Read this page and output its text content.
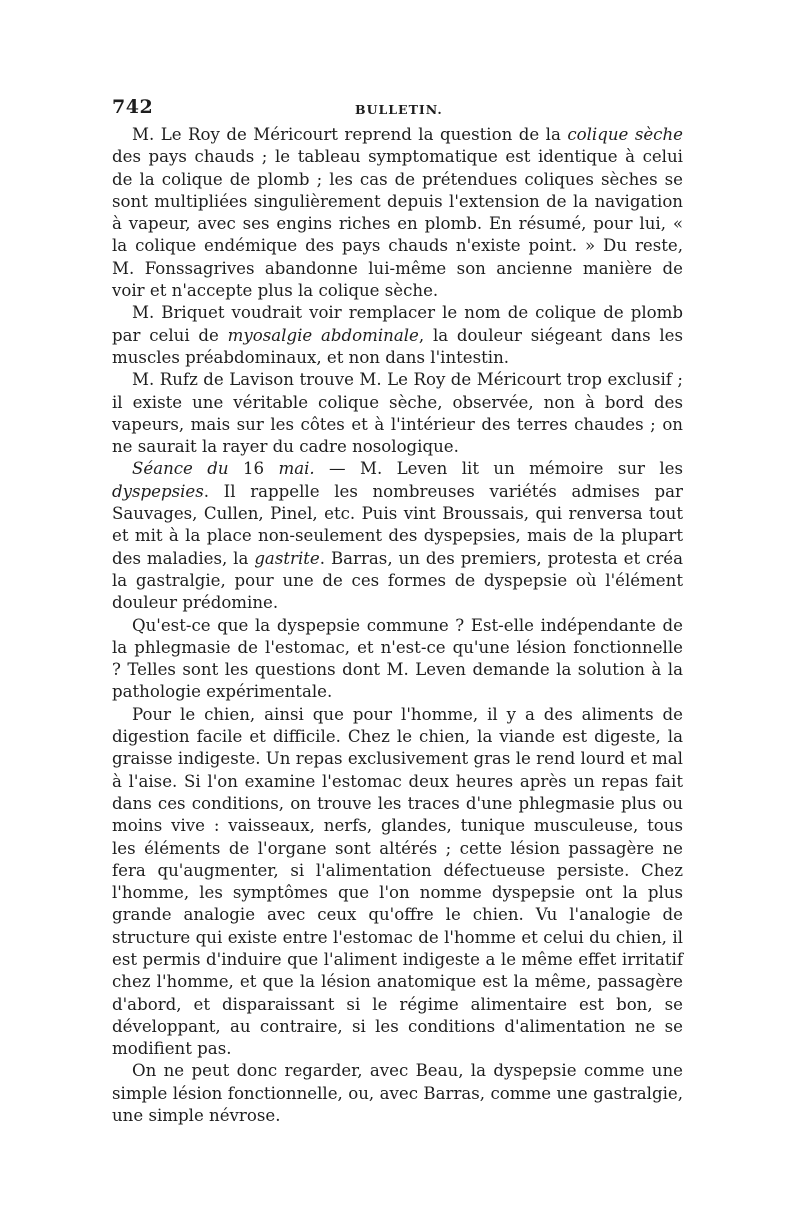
742	BULLETIN.

M. Le Roy de Méricourt reprend la question de la colique sèche des pays chauds ; le tableau symptomatique est identique à celui de la colique de plomb ; les cas de prétendues coliques sèches se sont multipliées singulièrement depuis l'extension de la navigation à vapeur, avec ses engins riches en plomb. En résumé, pour lui, « la colique endémique des pays chauds n'existe point. » Du reste, M. Fonssagrives abandonne lui-même son ancienne manière de voir et n'accepte plus la colique sèche.

M. Briquet voudrait voir remplacer le nom de colique de plomb par celui de myosalgie abdominale, la douleur siégeant dans les muscles préabdominaux, et non dans l'intestin.

M. Rufz de Lavison trouve M. Le Roy de Méricourt trop exclusif ; il existe une véritable colique sèche, observée, non à bord des vapeurs, mais sur les côtes et à l'intérieur des terres chaudes ; on ne saurait la rayer du cadre nosologique.

Séance du 16 mai. — M. Leven lit un mémoire sur les dyspepsies. Il rappelle les nombreuses variétés admises par Sauvages, Cullen, Pinel, etc. Puis vint Broussais, qui renversa tout et mit à la place non-seulement des dyspepsies, mais de la plupart des maladies, la gastrite. Barras, un des premiers, protesta et créa la gastralgie, pour une de ces formes de dyspepsie où l'élément douleur prédomine.

Qu'est-ce que la dyspepsie commune ? Est-elle indépendante de la phlegmasie de l'estomac, et n'est-ce qu'une lésion fonctionnelle ? Telles sont les questions dont M. Leven demande la solution à la pathologie expérimentale.

Pour le chien, ainsi que pour l'homme, il y a des aliments de digestion facile et difficile. Chez le chien, la viande est digeste, la graisse indigeste. Un repas exclusivement gras le rend lourd et mal à l'aise. Si l'on examine l'estomac deux heures après un repas fait dans ces conditions, on trouve les traces d'une phlegmasie plus ou moins vive : vaisseaux, nerfs, glandes, tunique musculeuse, tous les éléments de l'organe sont altérés ; cette lésion passagère ne fera qu'augmenter, si l'alimentation défectueuse persiste. Chez l'homme, les symptômes que l'on nomme dyspepsie ont la plus grande analogie avec ceux qu'offre le chien. Vu l'analogie de structure qui existe entre l'estomac de l'homme et celui du chien, il est permis d'induire que l'aliment indigeste a le même effet irritatif chez l'homme, et que la lésion anatomique est la même, passagère d'abord, et disparaissant si le régime alimentaire est bon, se développant, au contraire, si les conditions d'alimentation ne se modifient pas.

On ne peut donc regarder, avec Beau, la dyspepsie comme une simple lésion fonctionnelle, ou, avec Barras, comme une gastralgie, une simple névrose.
